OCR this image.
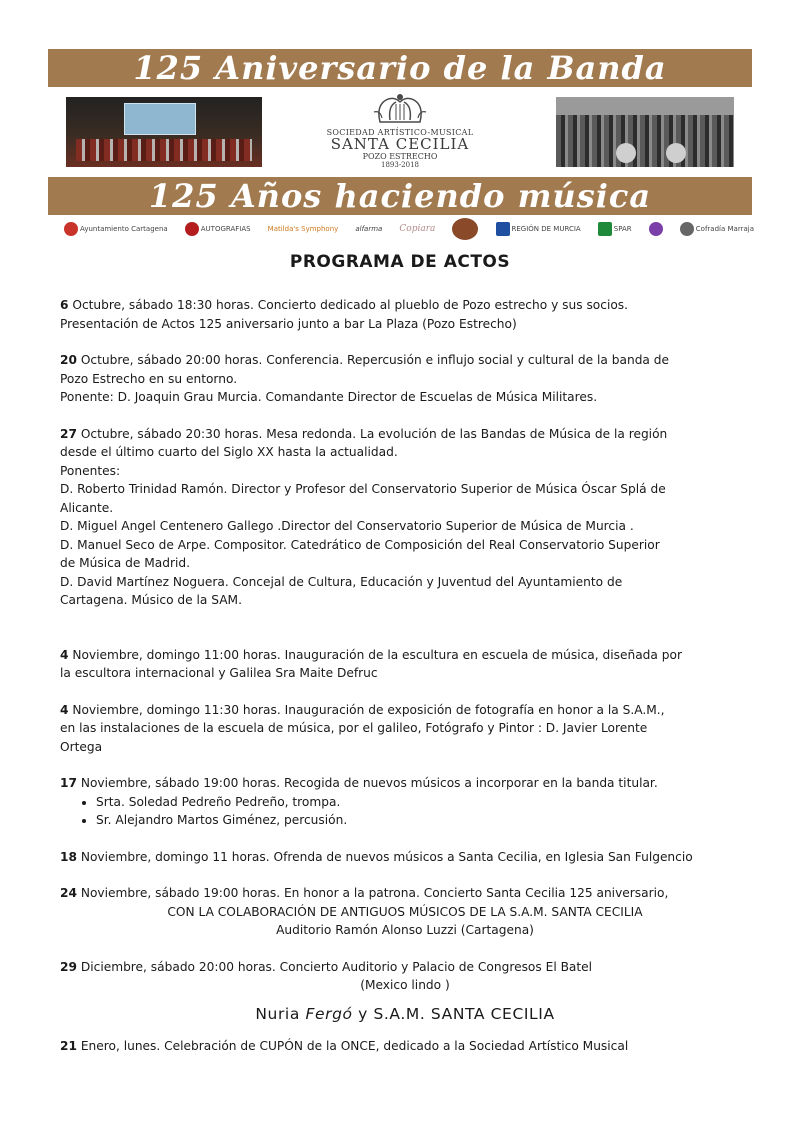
125 Aniversario de la Banda
SOCIEDAD ARTÍSTICO-MUSICAL
SANTA CECILIA
POZO ESTRECHO
1893-2018
125 Años haciendo música
Ayuntamiento Cartagena	AUTOGRAFIAS Matilda's Symphony alfarma Copiara	REGIÓN DE MURCIA	SPAR	Cofradía Marraja
PROGRAMA DE ACTOS

6 Octubre, sábado 18:30 horas. Concierto dedicado al plueblo de Pozo estrecho y sus socios.

Presentación de Actos 125 aniversario junto a bar La Plaza (Pozo Estrecho)

20 Octubre, sábado 20:00 horas. Conferencia. Repercusión e influjo social y cultural de la banda de

Pozo Estrecho en su entorno.

Ponente: D. Joaquin Grau Murcia. Comandante Director de Escuelas de Música Militares.

27 Octubre, sábado 20:30 horas. Mesa redonda. La evolución de las Bandas de Música de la región

desde el último cuarto del Siglo XX hasta la actualidad.

Ponentes:

D. Roberto Trinidad Ramón. Director y Profesor del Conservatorio Superior de Música Óscar Splá de

Alicante.

D. Miguel Angel Centenero Gallego .Director del Conservatorio Superior de Música de Murcia .

D. Manuel Seco de Arpe. Compositor. Catedrático de Composición del Real Conservatorio Superior

de Música de Madrid.

D. David Martínez Noguera. Concejal de Cultura, Educación y Juventud del Ayuntamiento de

Cartagena. Músico de la SAM.

4 Noviembre, domingo 11:00 horas. Inauguración de la escultura en escuela de música, diseñada por

la escultora internacional y Galilea Sra Maite Defruc

4 Noviembre, domingo 11:30 horas. Inauguración de exposición de fotografía en honor a la S.A.M.,

en las instalaciones de la escuela de música, por el galileo, Fotógrafo y Pintor : D. Javier Lorente

Ortega

17 Noviembre, sábado 19:00 horas. Recogida de nuevos músicos a incorporar en la banda titular.

• Srta. Soledad Pedreño Pedreño, trompa.
• Sr. Alejandro Martos Giménez, percusión.

18 Noviembre, domingo 11 horas. Ofrenda de nuevos músicos a Santa Cecilia, en Iglesia San Fulgencio

24 Noviembre, sábado 19:00 horas. En honor a la patrona. Concierto Santa Cecilia 125 aniversario,

CON LA COLABORACIÓN DE ANTIGUOS MÚSICOS DE LA S.A.M. SANTA CECILIA

Auditorio Ramón Alonso Luzzi (Cartagena)

29 Diciembre, sábado 20:00 horas. Concierto Auditorio y Palacio de Congresos El Batel

(Mexico lindo )

Nuria Fergó y S.A.M. SANTA CECILIA

21 Enero, lunes. Celebración de CUPÓN de la ONCE, dedicado a la Sociedad Artístico Musical
